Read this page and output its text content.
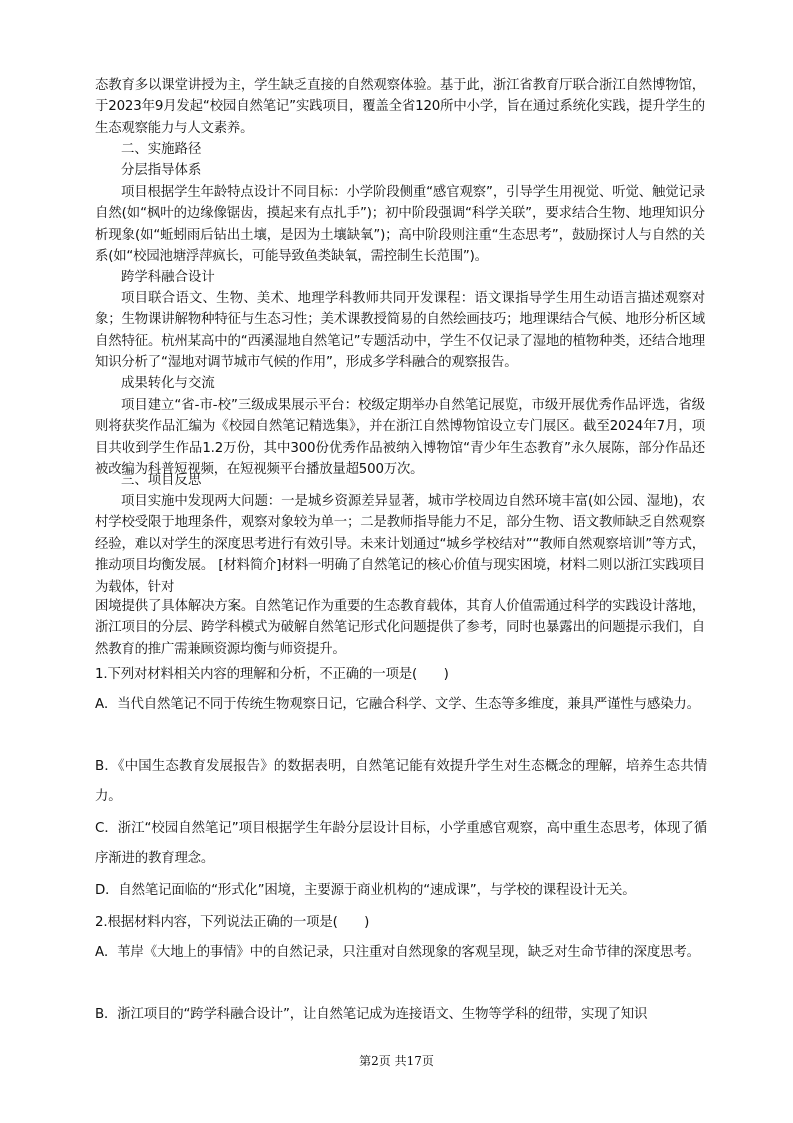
态教育多以课堂讲授为主，学生缺乏直接的自然观察体验。基于此，浙江省教育厅联合浙江自然博物馆，于2023年9月发起“校园自然笔记”实践项目，覆盖全省120所中小学，旨在通过系统化实践，提升学生的生态观察能力与人文素养。

二、实施路径

分层指导体系

项目根据学生年龄特点设计不同目标：小学阶段侧重“感官观察”，引导学生用视觉、听觉、触觉记录自然(如“枫叶的边缘像锯齿，摸起来有点扎手”)；初中阶段强调“科学关联”，要求结合生物、地理知识分析现象(如“蚯蚓雨后钻出土壤，是因为土壤缺氧”)；高中阶段则注重“生态思考”，鼓励探讨人与自然的关系(如“校园池塘浮萍疯长，可能导致鱼类缺氧，需控制生长范围”)。

跨学科融合设计

项目联合语文、生物、美术、地理学科教师共同开发课程：语文课指导学生用生动语言描述观察对象；生物课讲解物种特征与生态习性；美术课教授简易的自然绘画技巧；地理课结合气候、地形分析区域自然特征。杭州某高中的“西溪湿地自然笔记”专题活动中，学生不仅记录了湿地的植物种类，还结合地理知识分析了“湿地对调节城市气候的作用”，形成多学科融合的观察报告。

成果转化与交流

项目建立“省-市-校”三级成果展示平台：校级定期举办自然笔记展览，市级开展优秀作品评选，省级则将获奖作品汇编为《校园自然笔记精选集》，并在浙江自然博物馆设立专门展区。截至2024年7月，项目共收到学生作品1.2万份，其中300份优秀作品被纳入博物馆“青少年生态教育”永久展陈，部分作品还被改编为科普短视频，在短视频平台播放量超500万次。

三、项目反思

项目实施中发现两大问题：一是城乡资源差异显著，城市学校周边自然环境丰富(如公园、湿地)，农村学校受限于地理条件，观察对象较为单一；二是教师指导能力不足，部分生物、语文教师缺乏自然观察经验，难以对学生的深度思考进行有效引导。未来计划通过“城乡学校结对”“教师自然观察培训”等方式，推动项目均衡发展。 [材料简介]材料一明确了自然笔记的核心价值与现实困境，材料二则以浙江实践项目为载体，针对

困境提供了具体解决方案。自然笔记作为重要的生态教育载体，其育人价值需通过科学的实践设计落地，浙江项目的分层、跨学科模式为破解自然笔记形式化问题提供了参考，同时也暴露出的问题提示我们，自然教育的推广需兼顾资源均衡与师资提升。

1.下列对材料相关内容的理解和分析，不正确的一项是(　　)

A．当代自然笔记不同于传统生物观察日记，它融合科学、文学、生态等多维度，兼具严谨性与感染力。

B．《中国生态教育发展报告》的数据表明，自然笔记能有效提升学生对生态概念的理解，培养生态共情力。

C．浙江“校园自然笔记”项目根据学生年龄分层设计目标，小学重感官观察，高中重生态思考，体现了循序渐进的教育理念。

D．自然笔记面临的“形式化”困境，主要源于商业机构的“速成课”，与学校的课程设计无关。

2.根据材料内容，下列说法正确的一项是(　　)

A．苇岸《大地上的事情》中的自然记录，只注重对自然现象的客观呈现，缺乏对生命节律的深度思考。

B．浙江项目的“跨学科融合设计”，让自然笔记成为连接语文、生物等学科的纽带，实现了知识

第2页 共17页
